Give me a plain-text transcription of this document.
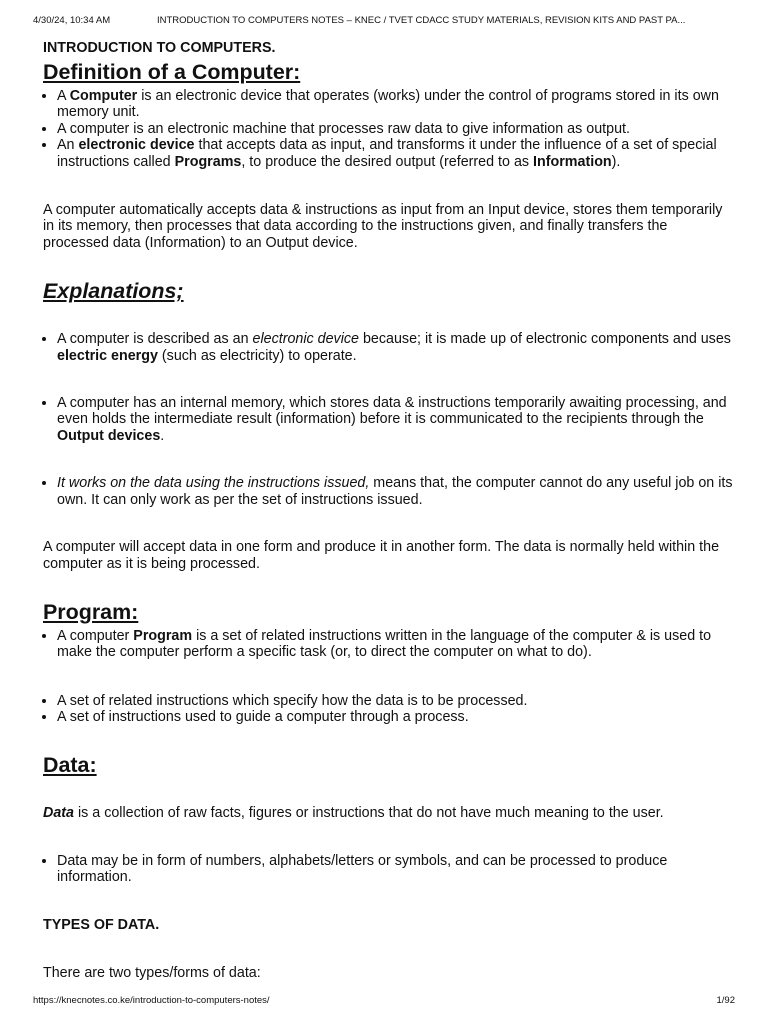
4/30/24, 10:34 AM	INTRODUCTION TO COMPUTERS NOTES – KNEC / TVET CDACC STUDY MATERIALS, REVISION KITS AND PAST PA...
INTRODUCTION TO COMPUTERS.
Definition of a Computer:
• A Computer is an electronic device that operates (works) under the control of programs stored in its own memory unit.
• A computer is an electronic machine that processes raw data to give information as output.
• An electronic device that accepts data as input, and transforms it under the influence of a set of special instructions called Programs, to produce the desired output (referred to as Information).

A computer automatically accepts data & instructions as input from an Input device, stores them temporarily in its memory, then processes that data according to the instructions given, and finally transfers the processed data (Information) to an Output device.

Explanations;
• A computer is described as an electronic device because; it is made up of electronic components and uses electric energy (such as electricity) to operate.
• A computer has an internal memory, which stores data & instructions temporarily awaiting processing, and even holds the intermediate result (information) before it is communicated to the recipients through the Output devices.
• It works on the data using the instructions issued, means that, the computer cannot do any useful job on its own. It can only work as per the set of instructions issued.

A computer will accept data in one form and produce it in another form. The data is normally held within the computer as it is being processed.

Program:
• A computer Program is a set of related instructions written in the language of the computer & is used to make the computer perform a specific task (or, to direct the computer on what to do).
• A set of related instructions which specify how the data is to be processed.
• A set of instructions used to guide a computer through a process.
Data:

Data is a collection of raw facts, figures or instructions that do not have much meaning to the user.

• Data may be in form of numbers, alphabets/letters or symbols, and can be processed to produce information.
TYPES OF DATA.

There are two types/forms of data:

https://knecnotes.co.ke/introduction-to-computers-notes/	1/92
